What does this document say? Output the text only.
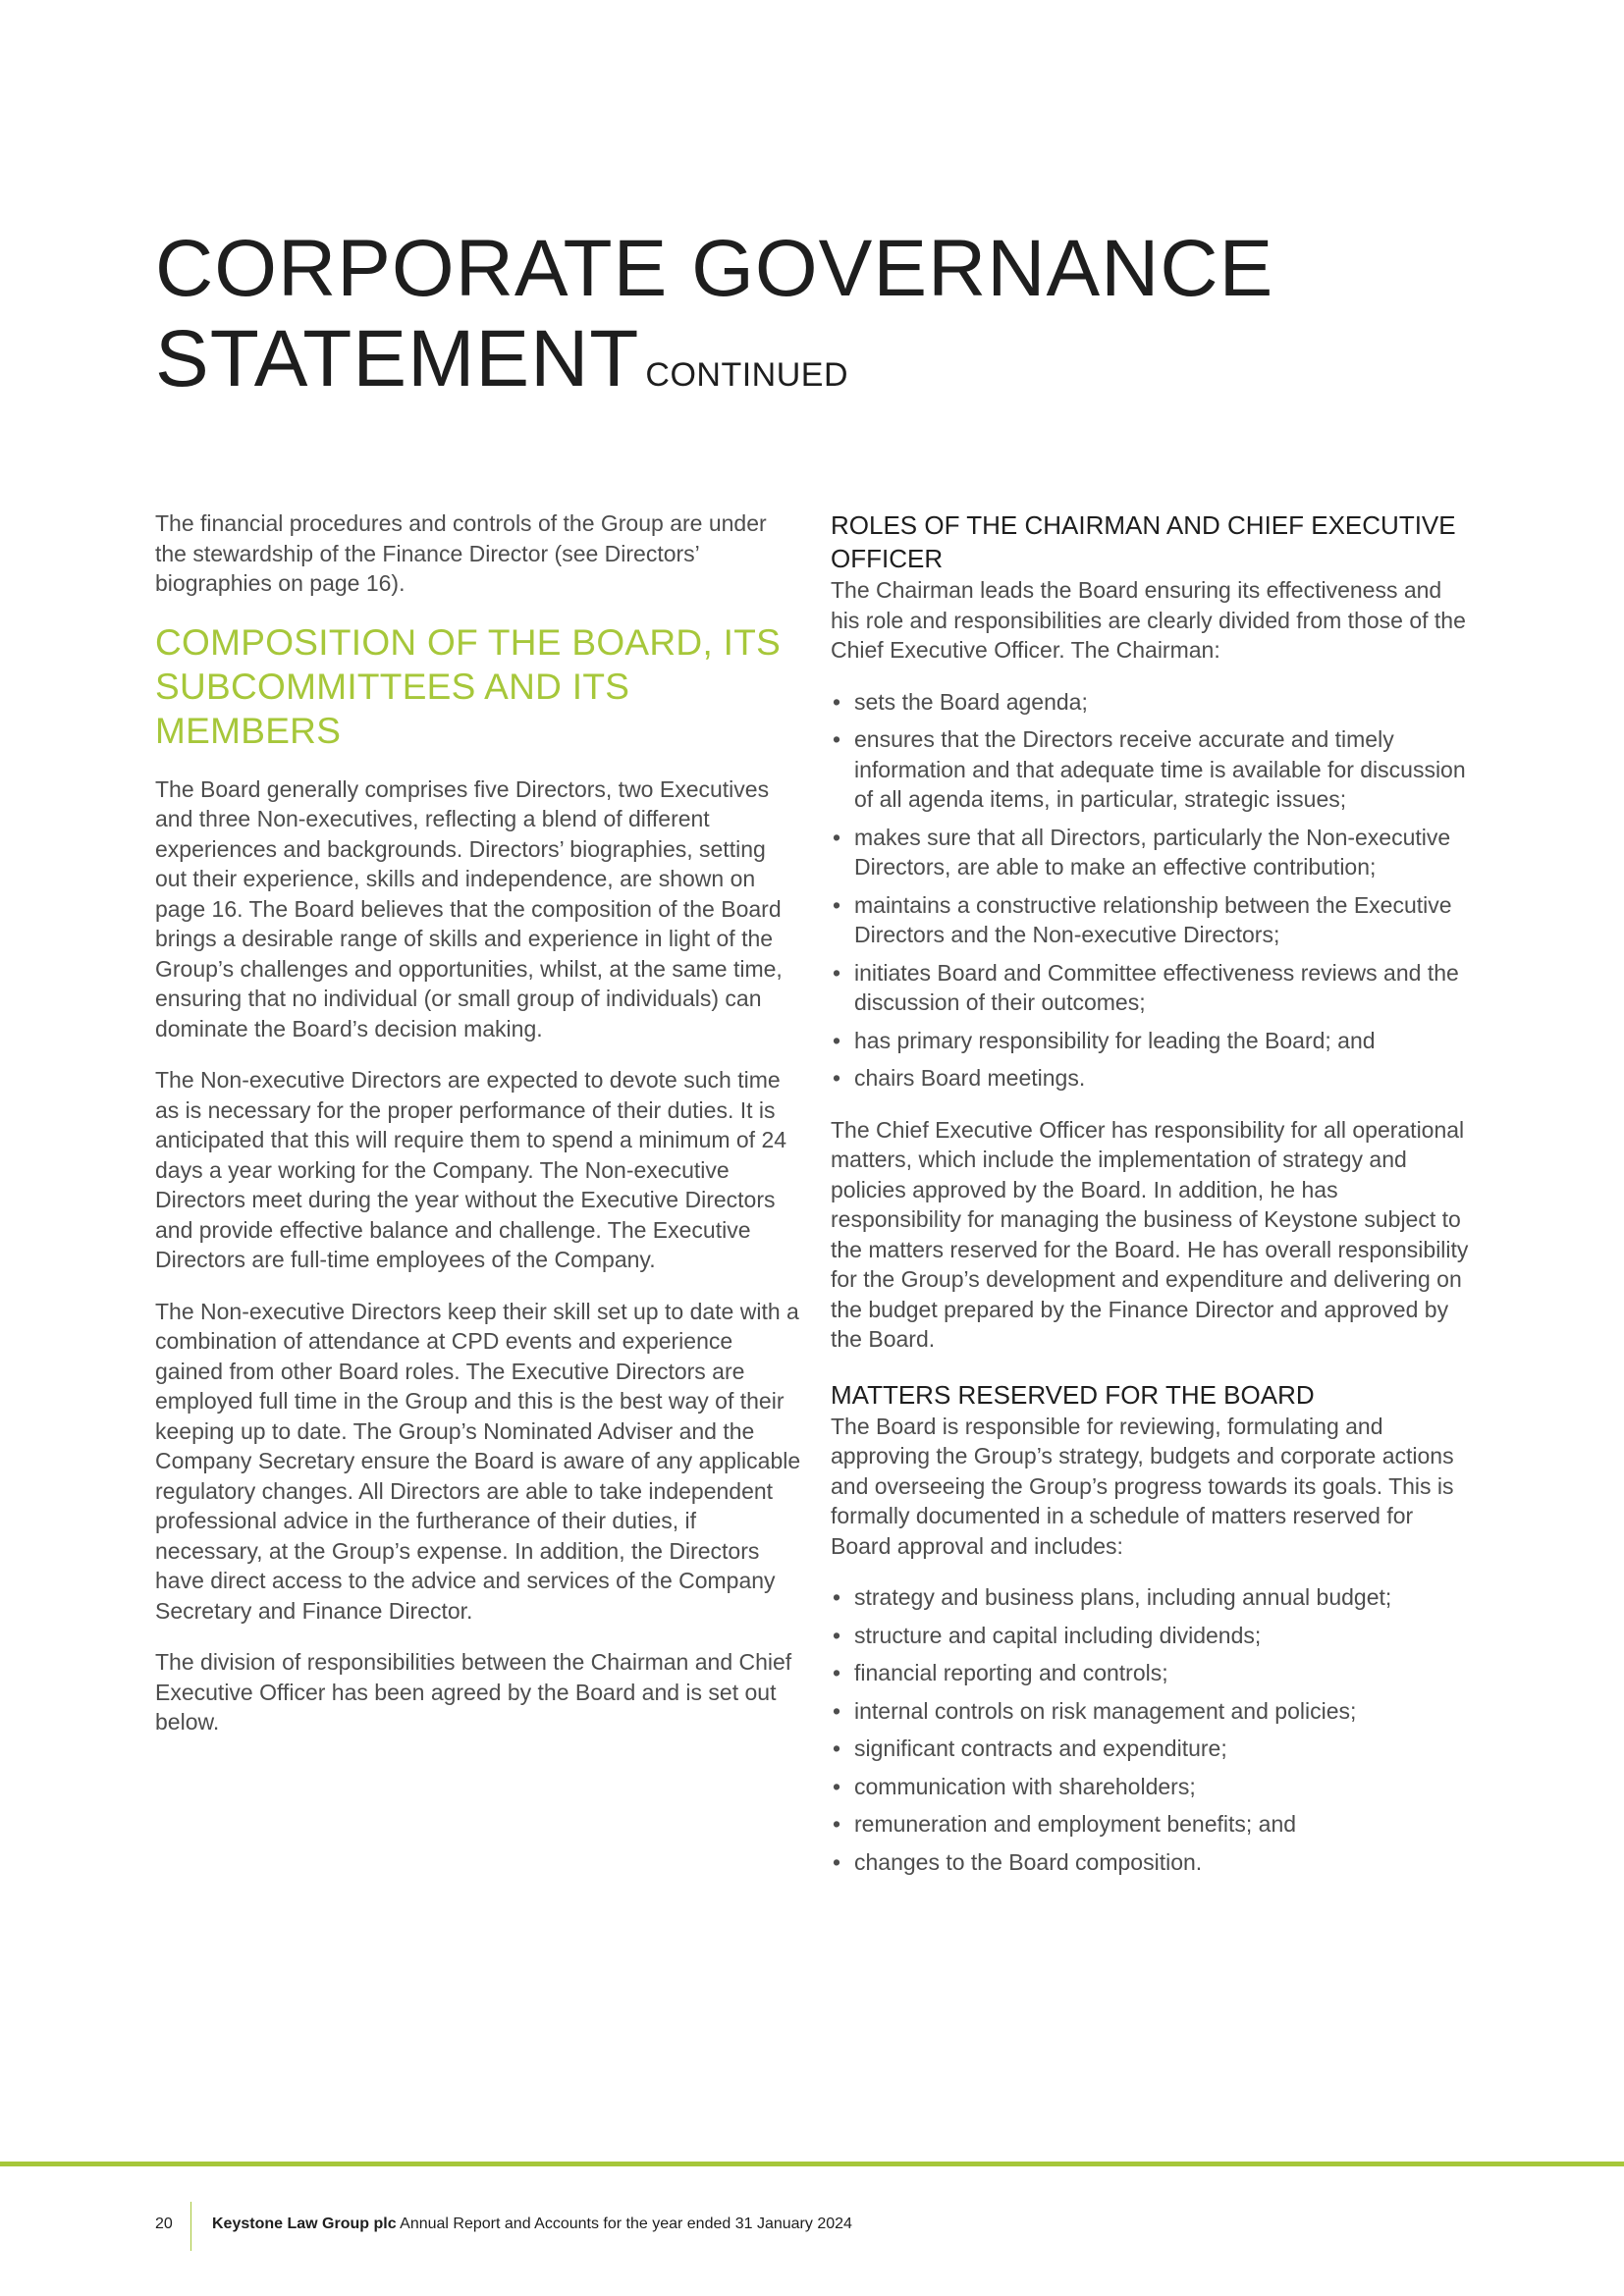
CORPORATE GOVERNANCE
STATEMENT CONTINUED

The financial procedures and controls of the Group are under the stewardship of the Finance Director (see Directors’ biographies on page 16).

COMPOSITION OF THE BOARD, ITS SUBCOMMITTEES AND ITS MEMBERS

The Board generally comprises five Directors, two Executives and three Non-executives, reflecting a blend of different experiences and backgrounds. Directors’ biographies, setting out their experience, skills and independence, are shown on page 16. The Board believes that the composition of the Board brings a desirable range of skills and experience in light of the Group’s challenges and opportunities, whilst, at the same time, ensuring that no individual (or small group of individuals) can dominate the Board’s decision making.

The Non-executive Directors are expected to devote such time as is necessary for the proper performance of their duties. It is anticipated that this will require them to spend a minimum of 24 days a year working for the Company. The Non-executive Directors meet during the year without the Executive Directors and provide effective balance and challenge. The Executive Directors are full-time employees of the Company.

The Non-executive Directors keep their skill set up to date with a combination of attendance at CPD events and experience gained from other Board roles. The Executive Directors are employed full time in the Group and this is the best way of their keeping up to date. The Group’s Nominated Adviser and the Company Secretary ensure the Board is aware of any applicable regulatory changes. All Directors are able to take independent professional advice in the furtherance of their duties, if necessary, at the Group’s expense. In addition, the Directors have direct access to the advice and services of the Company Secretary and Finance Director.

The division of responsibilities between the Chairman and Chief Executive Officer has been agreed by the Board and is set out below.

ROLES OF THE CHAIRMAN AND CHIEF EXECUTIVE OFFICER

The Chairman leads the Board ensuring its effectiveness and his role and responsibilities are clearly divided from those of the Chief Executive Officer. The Chairman:

• sets the Board agenda;
• ensures that the Directors receive accurate and timely information and that adequate time is available for discussion of all agenda items, in particular, strategic issues;
• makes sure that all Directors, particularly the Non-executive Directors, are able to make an effective contribution;
• maintains a constructive relationship between the Executive Directors and the Non-executive Directors;
• initiates Board and Committee effectiveness reviews and the discussion of their outcomes;
• has primary responsibility for leading the Board; and
• chairs Board meetings.

The Chief Executive Officer has responsibility for all operational matters, which include the implementation of strategy and policies approved by the Board. In addition, he has responsibility for managing the business of Keystone subject to the matters reserved for the Board. He has overall responsibility for the Group’s development and expenditure and delivering on the budget prepared by the Finance Director and approved by the Board.

MATTERS RESERVED FOR THE BOARD

The Board is responsible for reviewing, formulating and approving the Group’s strategy, budgets and corporate actions and overseeing the Group’s progress towards its goals. This is formally documented in a schedule of matters reserved for Board approval and includes:

• strategy and business plans, including annual budget;
• structure and capital including dividends;
• financial reporting and controls;
• internal controls on risk management and policies;
• significant contracts and expenditure;
• communication with shareholders;
• remuneration and employment benefits; and
• changes to the Board composition.
20	Keystone Law Group plc Annual Report and Accounts for the year ended 31 January 2024
